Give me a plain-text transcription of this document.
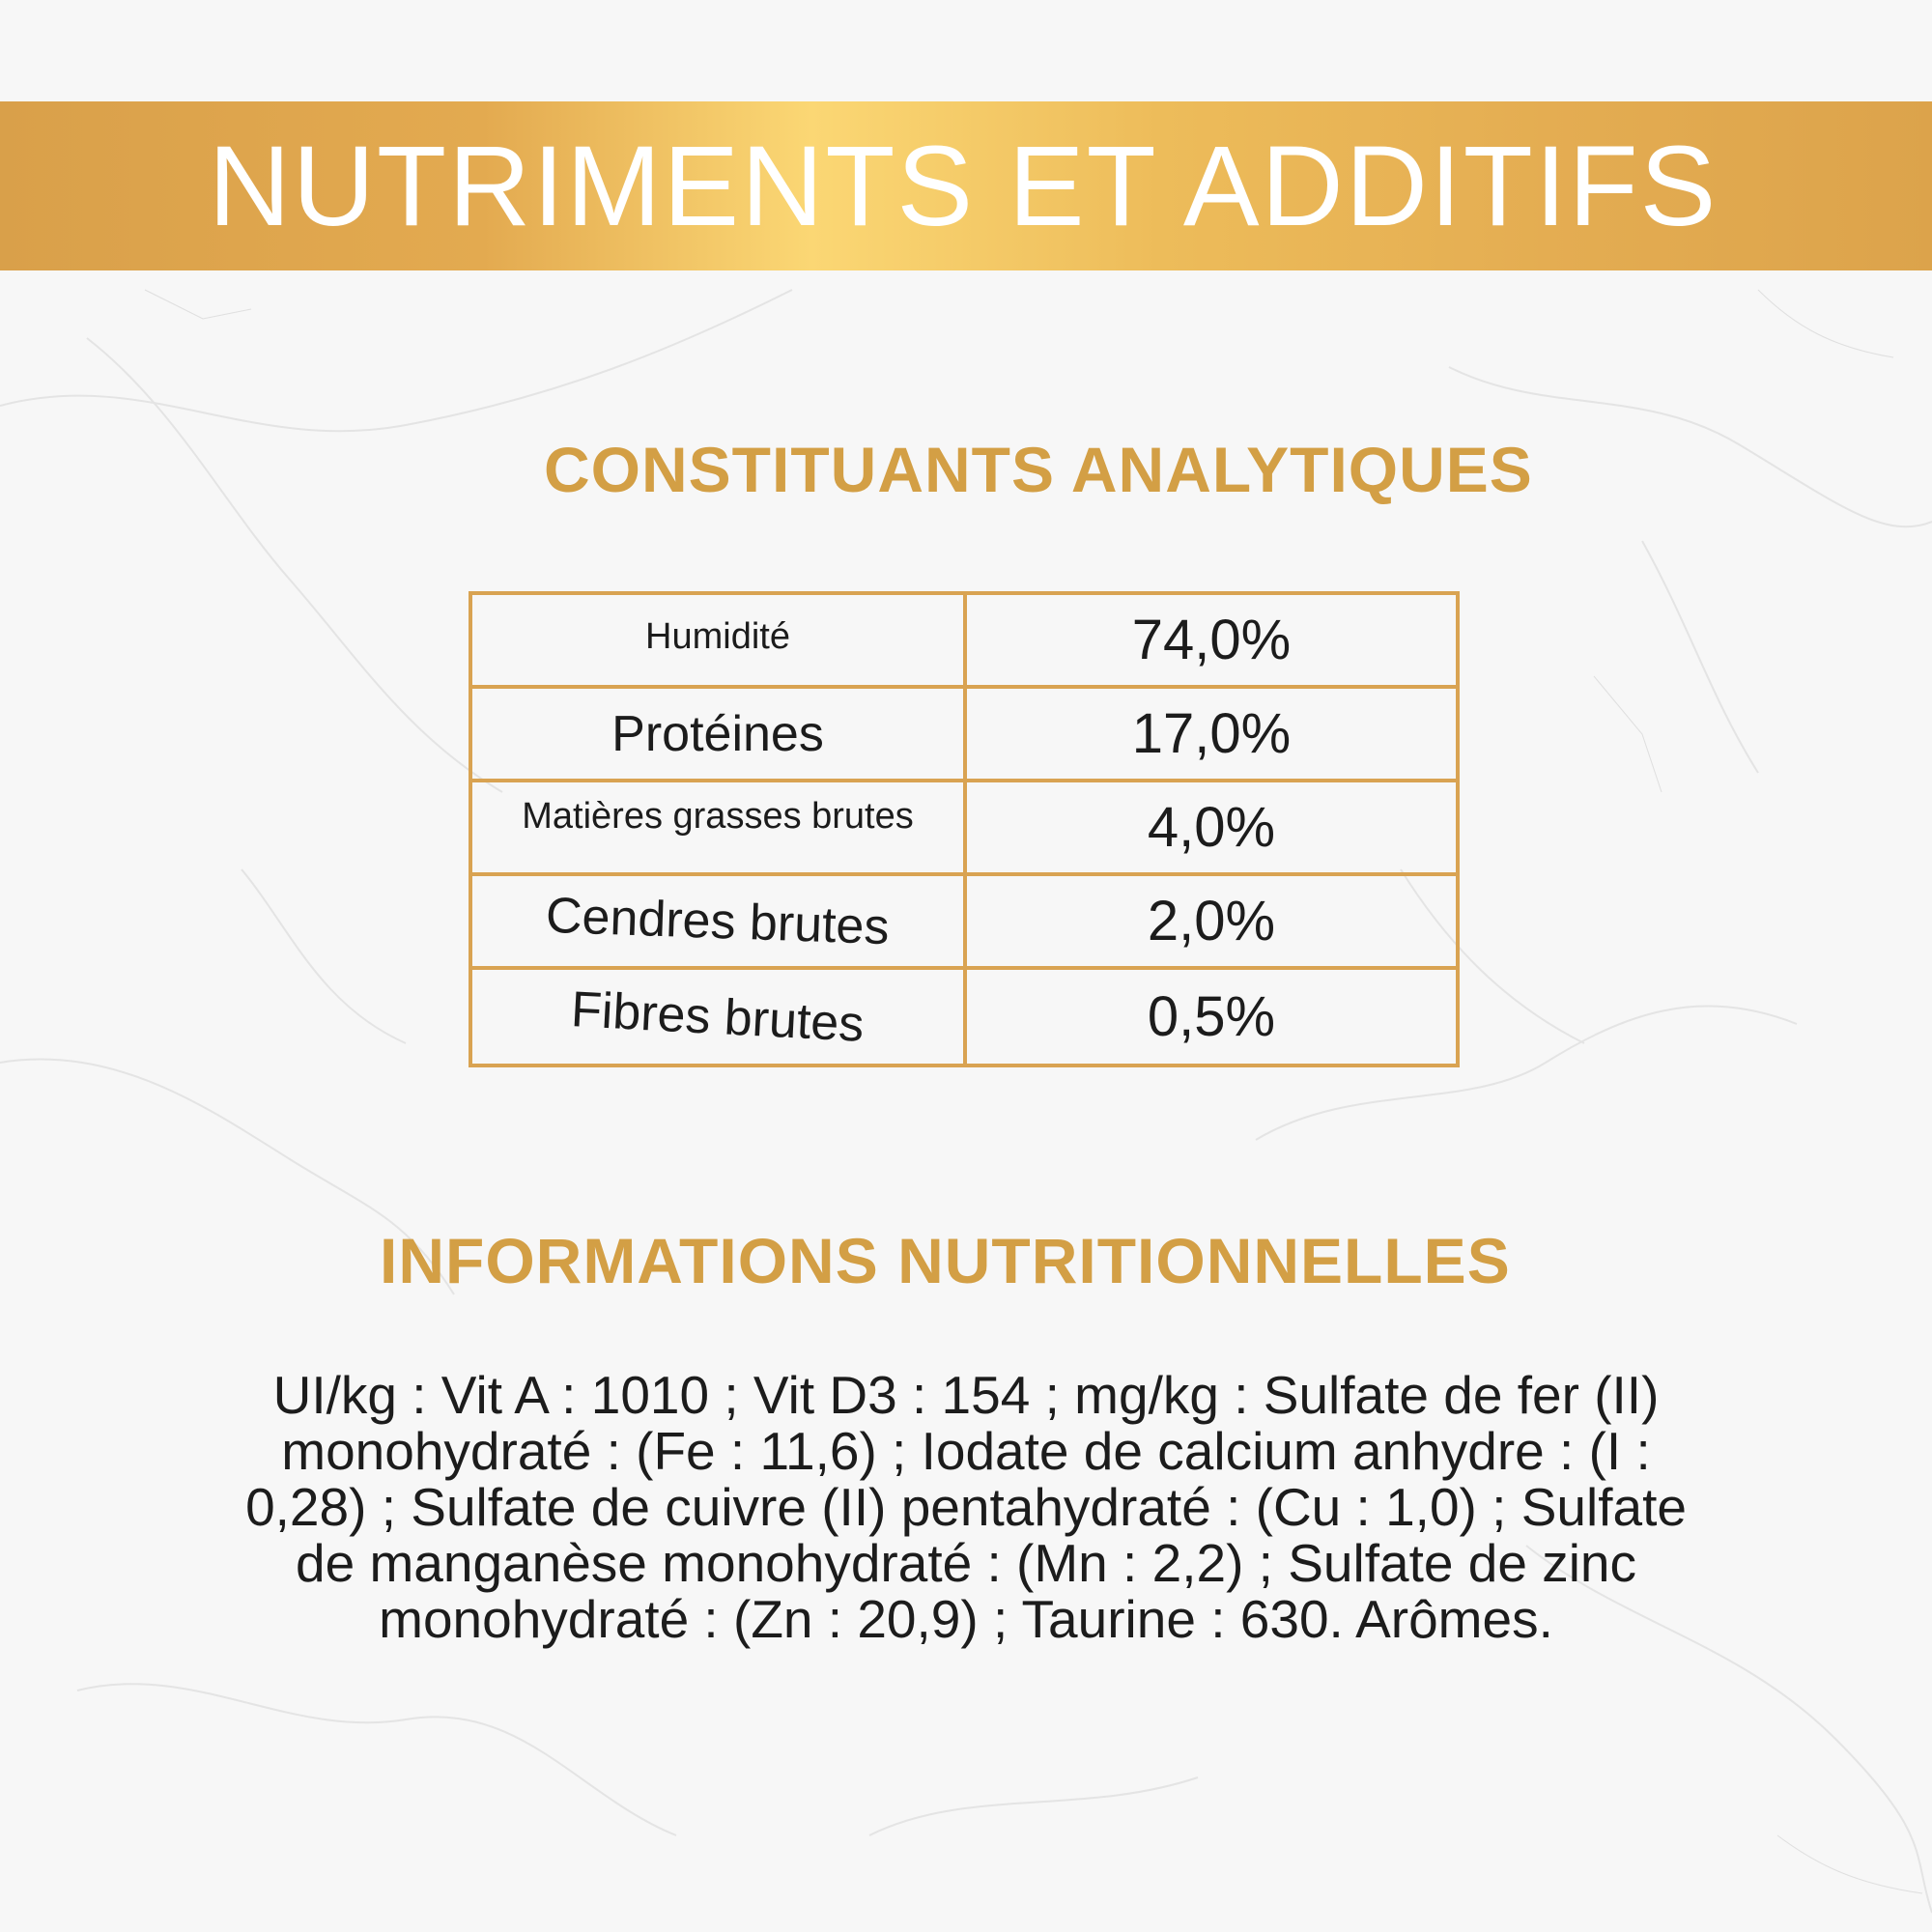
NUTRIMENTS ET ADDITIFS
CONSTITUANTS ANALYTIQUES
Humidité	74,0%
Protéines	17,0%
Matières grasses brutes	4,0%
Cendres brutes	2,0%
Fibres brutes	0,5%
INFORMATIONS NUTRITIONNELLES
UI/kg : Vit A : 1010 ; Vit D3 : 154 ; mg/kg : Sulfate de fer (II) monohydraté : (Fe : 11,6) ; Iodate de calcium anhydre : (I : 0,28) ; Sulfate de cuivre (II) pentahydraté : (Cu : 1,0) ; Sulfate de manganèse monohydraté : (Mn : 2,2) ; Sulfate de zinc monohydraté : (Zn : 20,9) ; Taurine : 630. Arômes.
